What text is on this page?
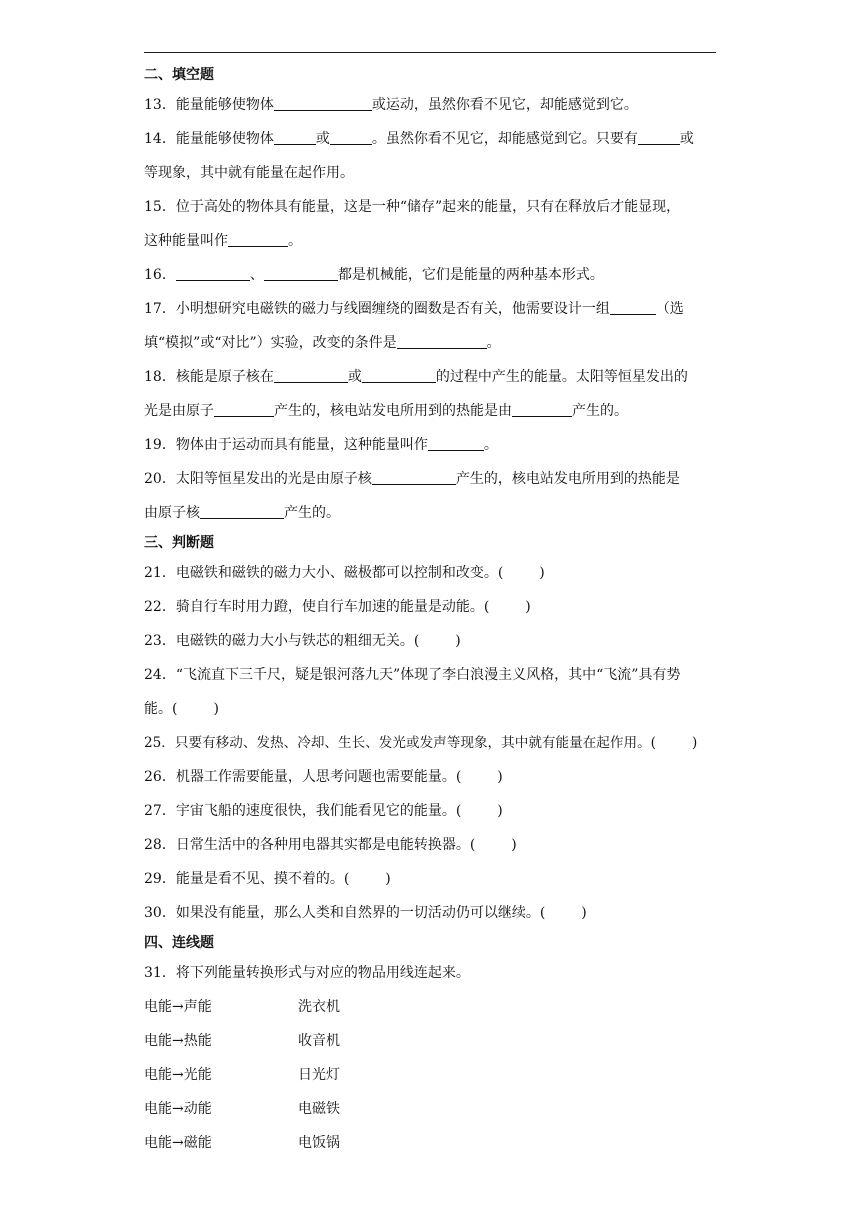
二、填空题

13．能量能够使物体	或运动，虽然你看不见它，却能感觉到它。

14．能量能够使物体	或	。虽然你看不见它，却能感觉到它。只要有	或
等现象，其中就有能量在起作用。

15．位于高处的物体具有能量，这是一种“储存”起来的能量，只有在释放后才能显现，
这种能量叫作	。

16．	、	都是机械能，它们是能量的两种基本形式。

17．小明想研究电磁铁的磁力与线圈缠绕的圈数是否有关，他需要设计一组	（选
填“模拟”或“对比”）实验，改变的条件是	。

18．核能是原子核在	或	的过程中产生的能量。太阳等恒星发出的
光是由原子	产生的，核电站发电所用到的热能是由	产生的。

19．物体由于运动而具有能量，这种能量叫作	。

20．太阳等恒星发出的光是由原子核	产生的，核电站发电所用到的热能是
由原子核	产生的。

三、判断题

21．电磁铁和磁铁的磁力大小、磁极都可以控制和改变。(	)

22．骑自行车时用力蹬，使自行车加速的能量是动能。(	)

23．电磁铁的磁力大小与铁芯的粗细无关。(	)

24．“飞流直下三千尺，疑是银河落九天”体现了李白浪漫主义风格，其中“飞流”具有势
能。(	)

25．只要有移动、发热、冷却、生长、发光或发声等现象，其中就有能量在起作用。(	)

26．机器工作需要能量，人思考问题也需要能量。(	)

27．宇宙飞船的速度很快，我们能看见它的能量。(	)

28．日常生活中的各种用电器其实都是电能转换器。(	)

29．能量是看不见、摸不着的。(	)

30．如果没有能量，那么人类和自然界的一切活动仍可以继续。(	)

四、连线题

31．将下列能量转换形式与对应的物品用线连起来。

电能→声能	洗衣机
电能→热能	收音机
电能→光能	日光灯
电能→动能	电磁铁
电能→磁能	电饭锅
